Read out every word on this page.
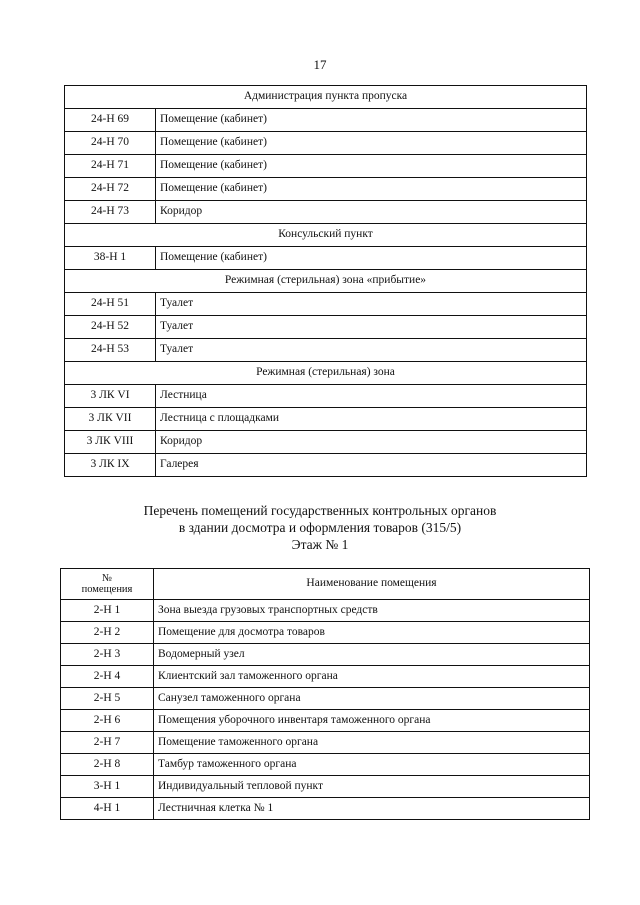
17
Администрация пункта пропуска	
24-Н 69	Помещение (кабинет)
24-Н 70	Помещение (кабинет)
24-Н 71	Помещение (кабинет)
24-Н 72	Помещение (кабинет)
24-Н 73	Коридор
Консульский пункт	
38-Н 1	Помещение (кабинет)
Режимная (стерильная) зона «прибытие»	
24-Н 51	Туалет
24-Н 52	Туалет
24-Н 53	Туалет
Режимная (стерильная) зона	
3 ЛК VI	Лестница
3 ЛК VII	Лестница с площадками
3 ЛК VIII	Коридор
3 ЛК IX	Галерея
Перечень помещений государственных контрольных органов
в здании досмотра и оформления товаров (315/5)
Этаж № 1
№
помещения	Наименование помещения
2-Н 1	Зона выезда грузовых транспортных средств
2-Н 2	Помещение для досмотра товаров
2-Н 3	Водомерный узел
2-Н 4	Клиентский зал таможенного органа
2-Н 5	Санузел таможенного органа
2-Н 6	Помещения уборочного инвентаря таможенного органа
2-Н 7	Помещение таможенного органа
2-Н 8	Тамбур таможенного органа
3-Н 1	Индивидуальный тепловой пункт
4-Н 1	Лестничная клетка № 1
